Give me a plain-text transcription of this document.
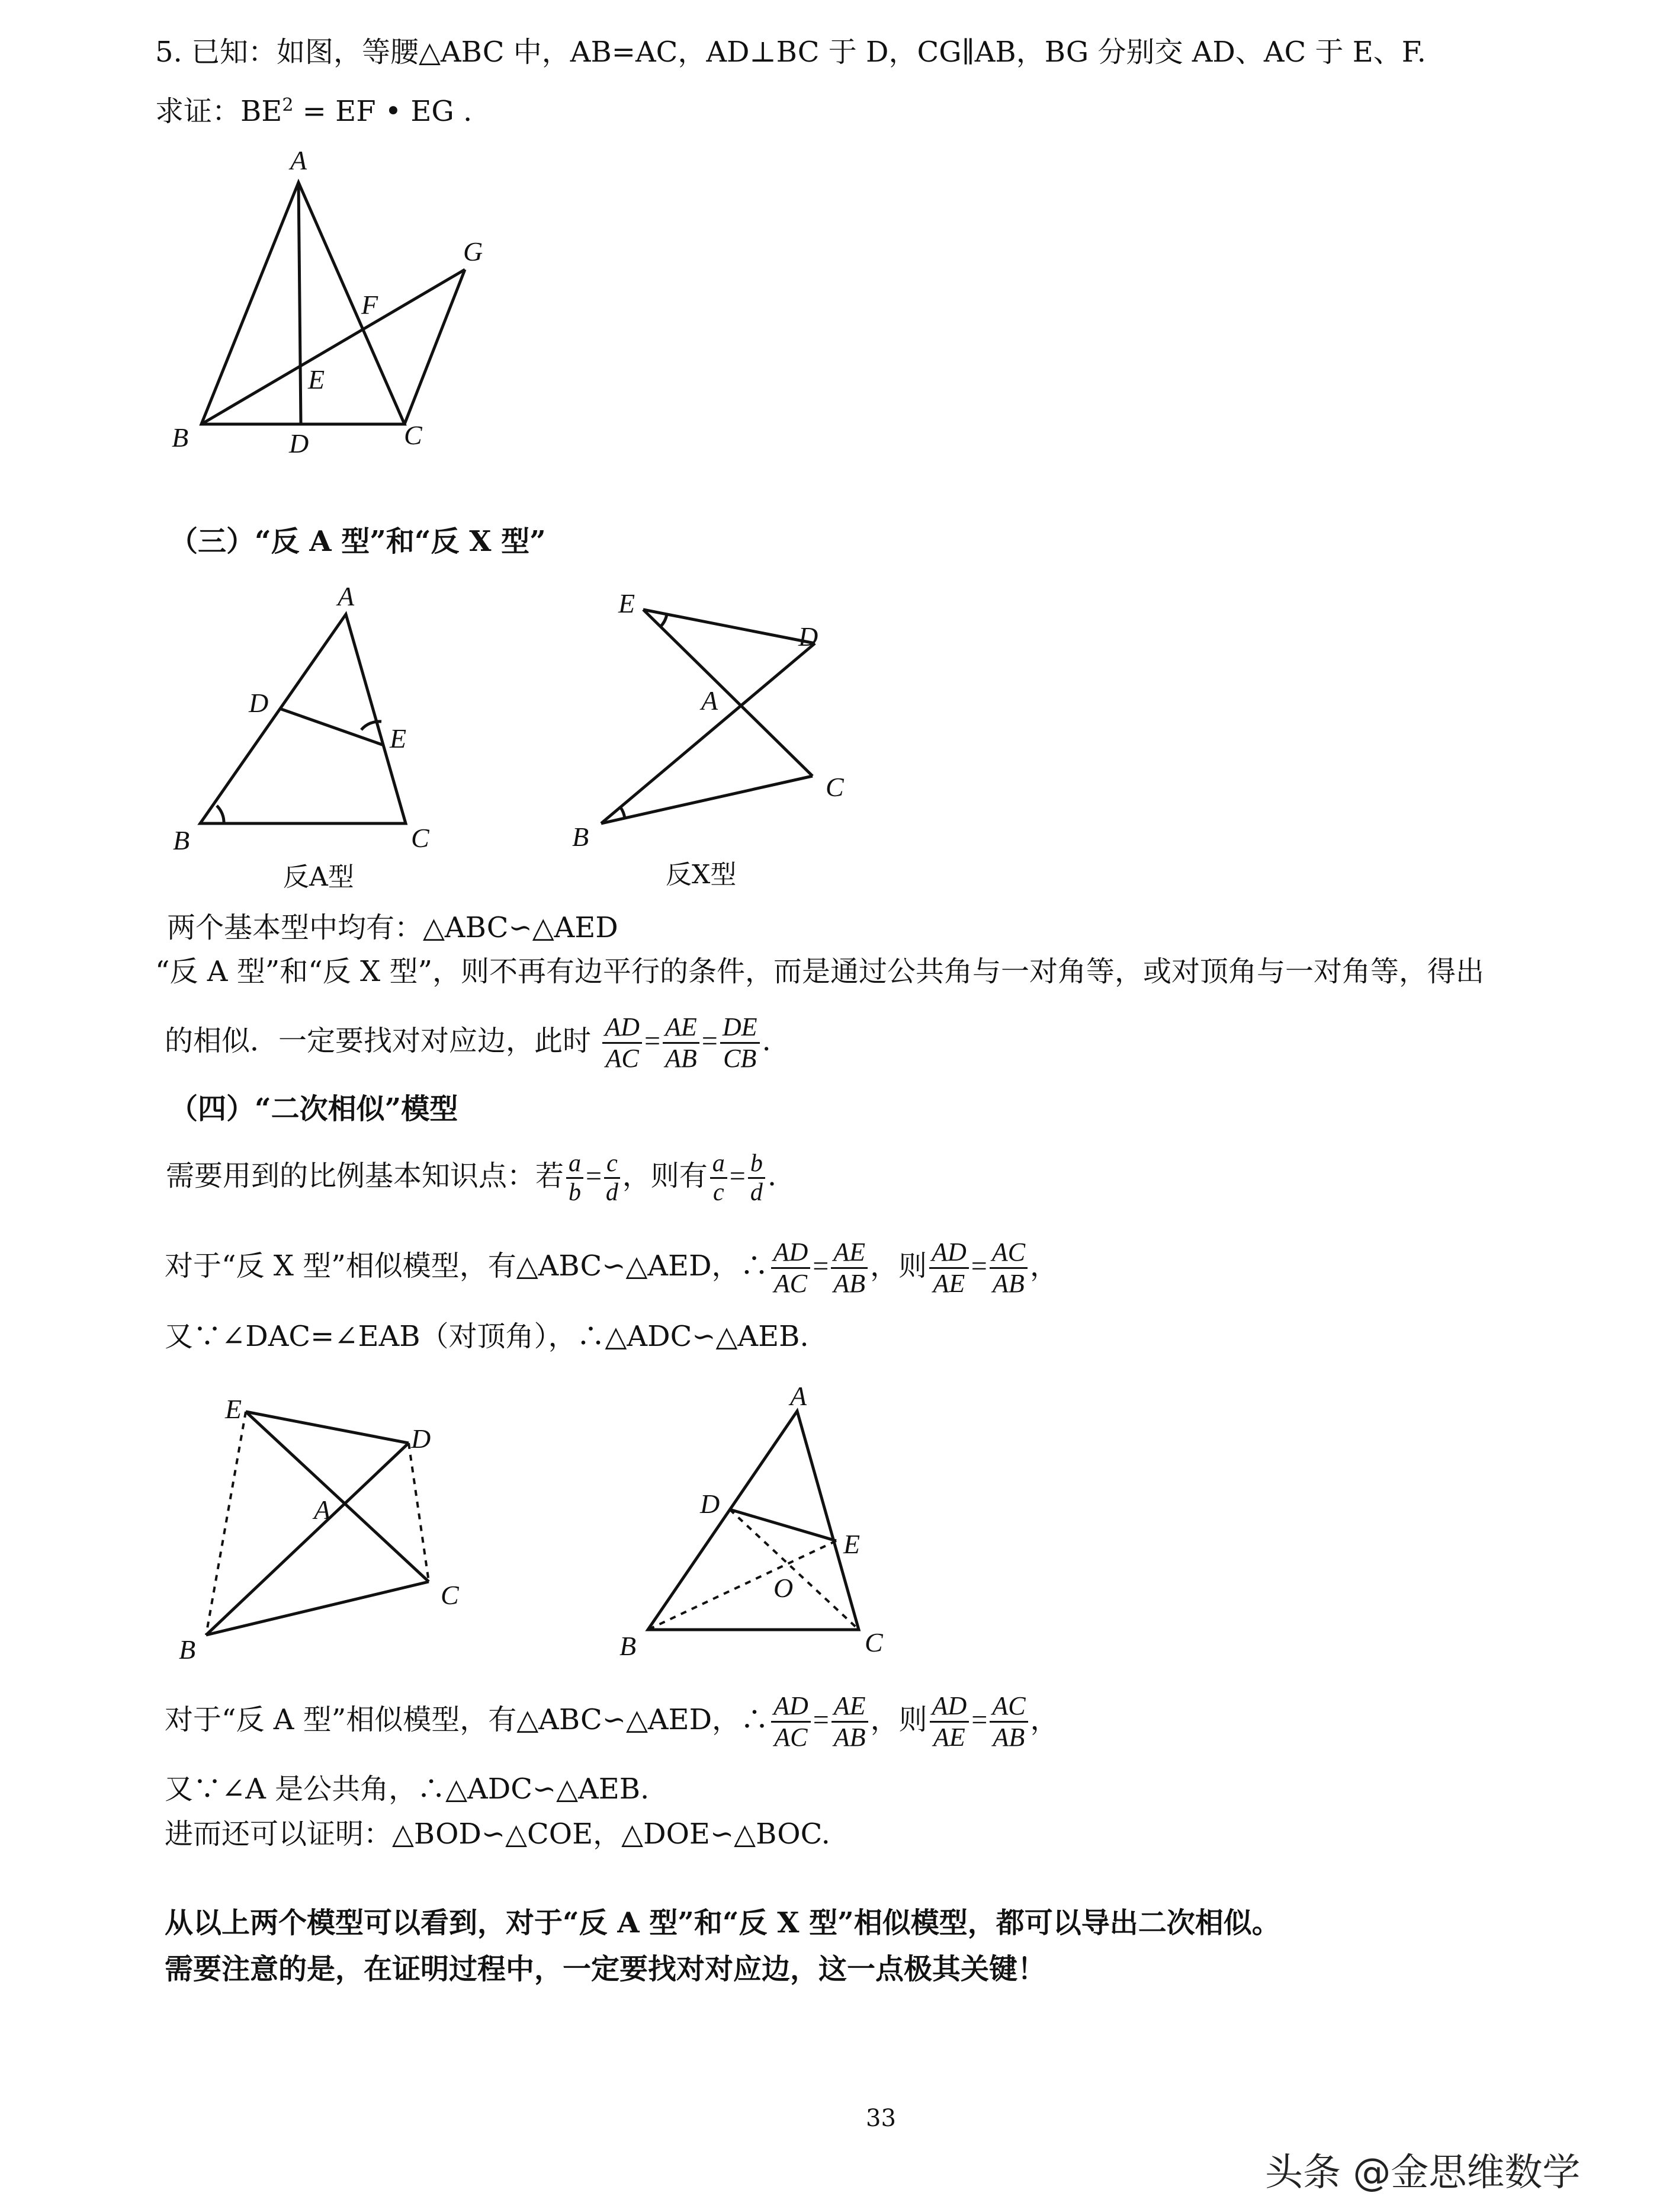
5. 已知：如图，等腰△ABC 中，AB=AC，AD⊥BC 于 D，CG∥AB，BG 分别交 AD、AC 于 E、F.
求证：$BE^2$ = EF • EG .
A
B	D	C
G
F
E
（三）“反 A 型”和“反 X 型”
A
D
E
B	C
反A型
E
D
A
C
B
反X型
两个基本型中均有：△ABC∽△AED
“反 A 型”和“反 X 型”，则不再有边平行的条件，而是通过公共角与一对角等，或对顶角与一对角等，得出
的相似．一定要找对对应边，此时 $\frac{AD}{AC} = \frac{AE}{AB} = \frac{DE}{CB}$ .
（四）“二次相似”模型
需要用到的比例基本知识点：若 $\frac{a}{b} = \frac{c}{d}$ ，则有 $\frac{a}{c} = \frac{b}{d}$ .
对于“反 X 型”相似模型，有△ABC∽△AED，∴ $\frac{AD}{AC} = \frac{AE}{AB}$ ，则 $\frac{AD}{AE} = \frac{AC}{AB}$ ，
又∵∠DAC=∠EAB（对顶角），∴△ADC∽△AEB.
E
D
A
C
B
A
D
E
O
B	C
对于“反 A 型”相似模型，有△ABC∽△AED，∴ $\frac{AD}{AC} = \frac{AE}{AB}$ ，则 $\frac{AD}{AE} = \frac{AC}{AB}$ ，
又∵∠A 是公共角，∴△ADC∽△AEB.
进而还可以证明：△BOD∽△COE，△DOE∽△BOC.
从以上两个模型可以看到，对于“反 A 型”和“反 X 型”相似模型，都可以导出二次相似。
需要注意的是，在证明过程中，一定要找对对应边，这一点极其关键！
33
头条 @金思维数学
